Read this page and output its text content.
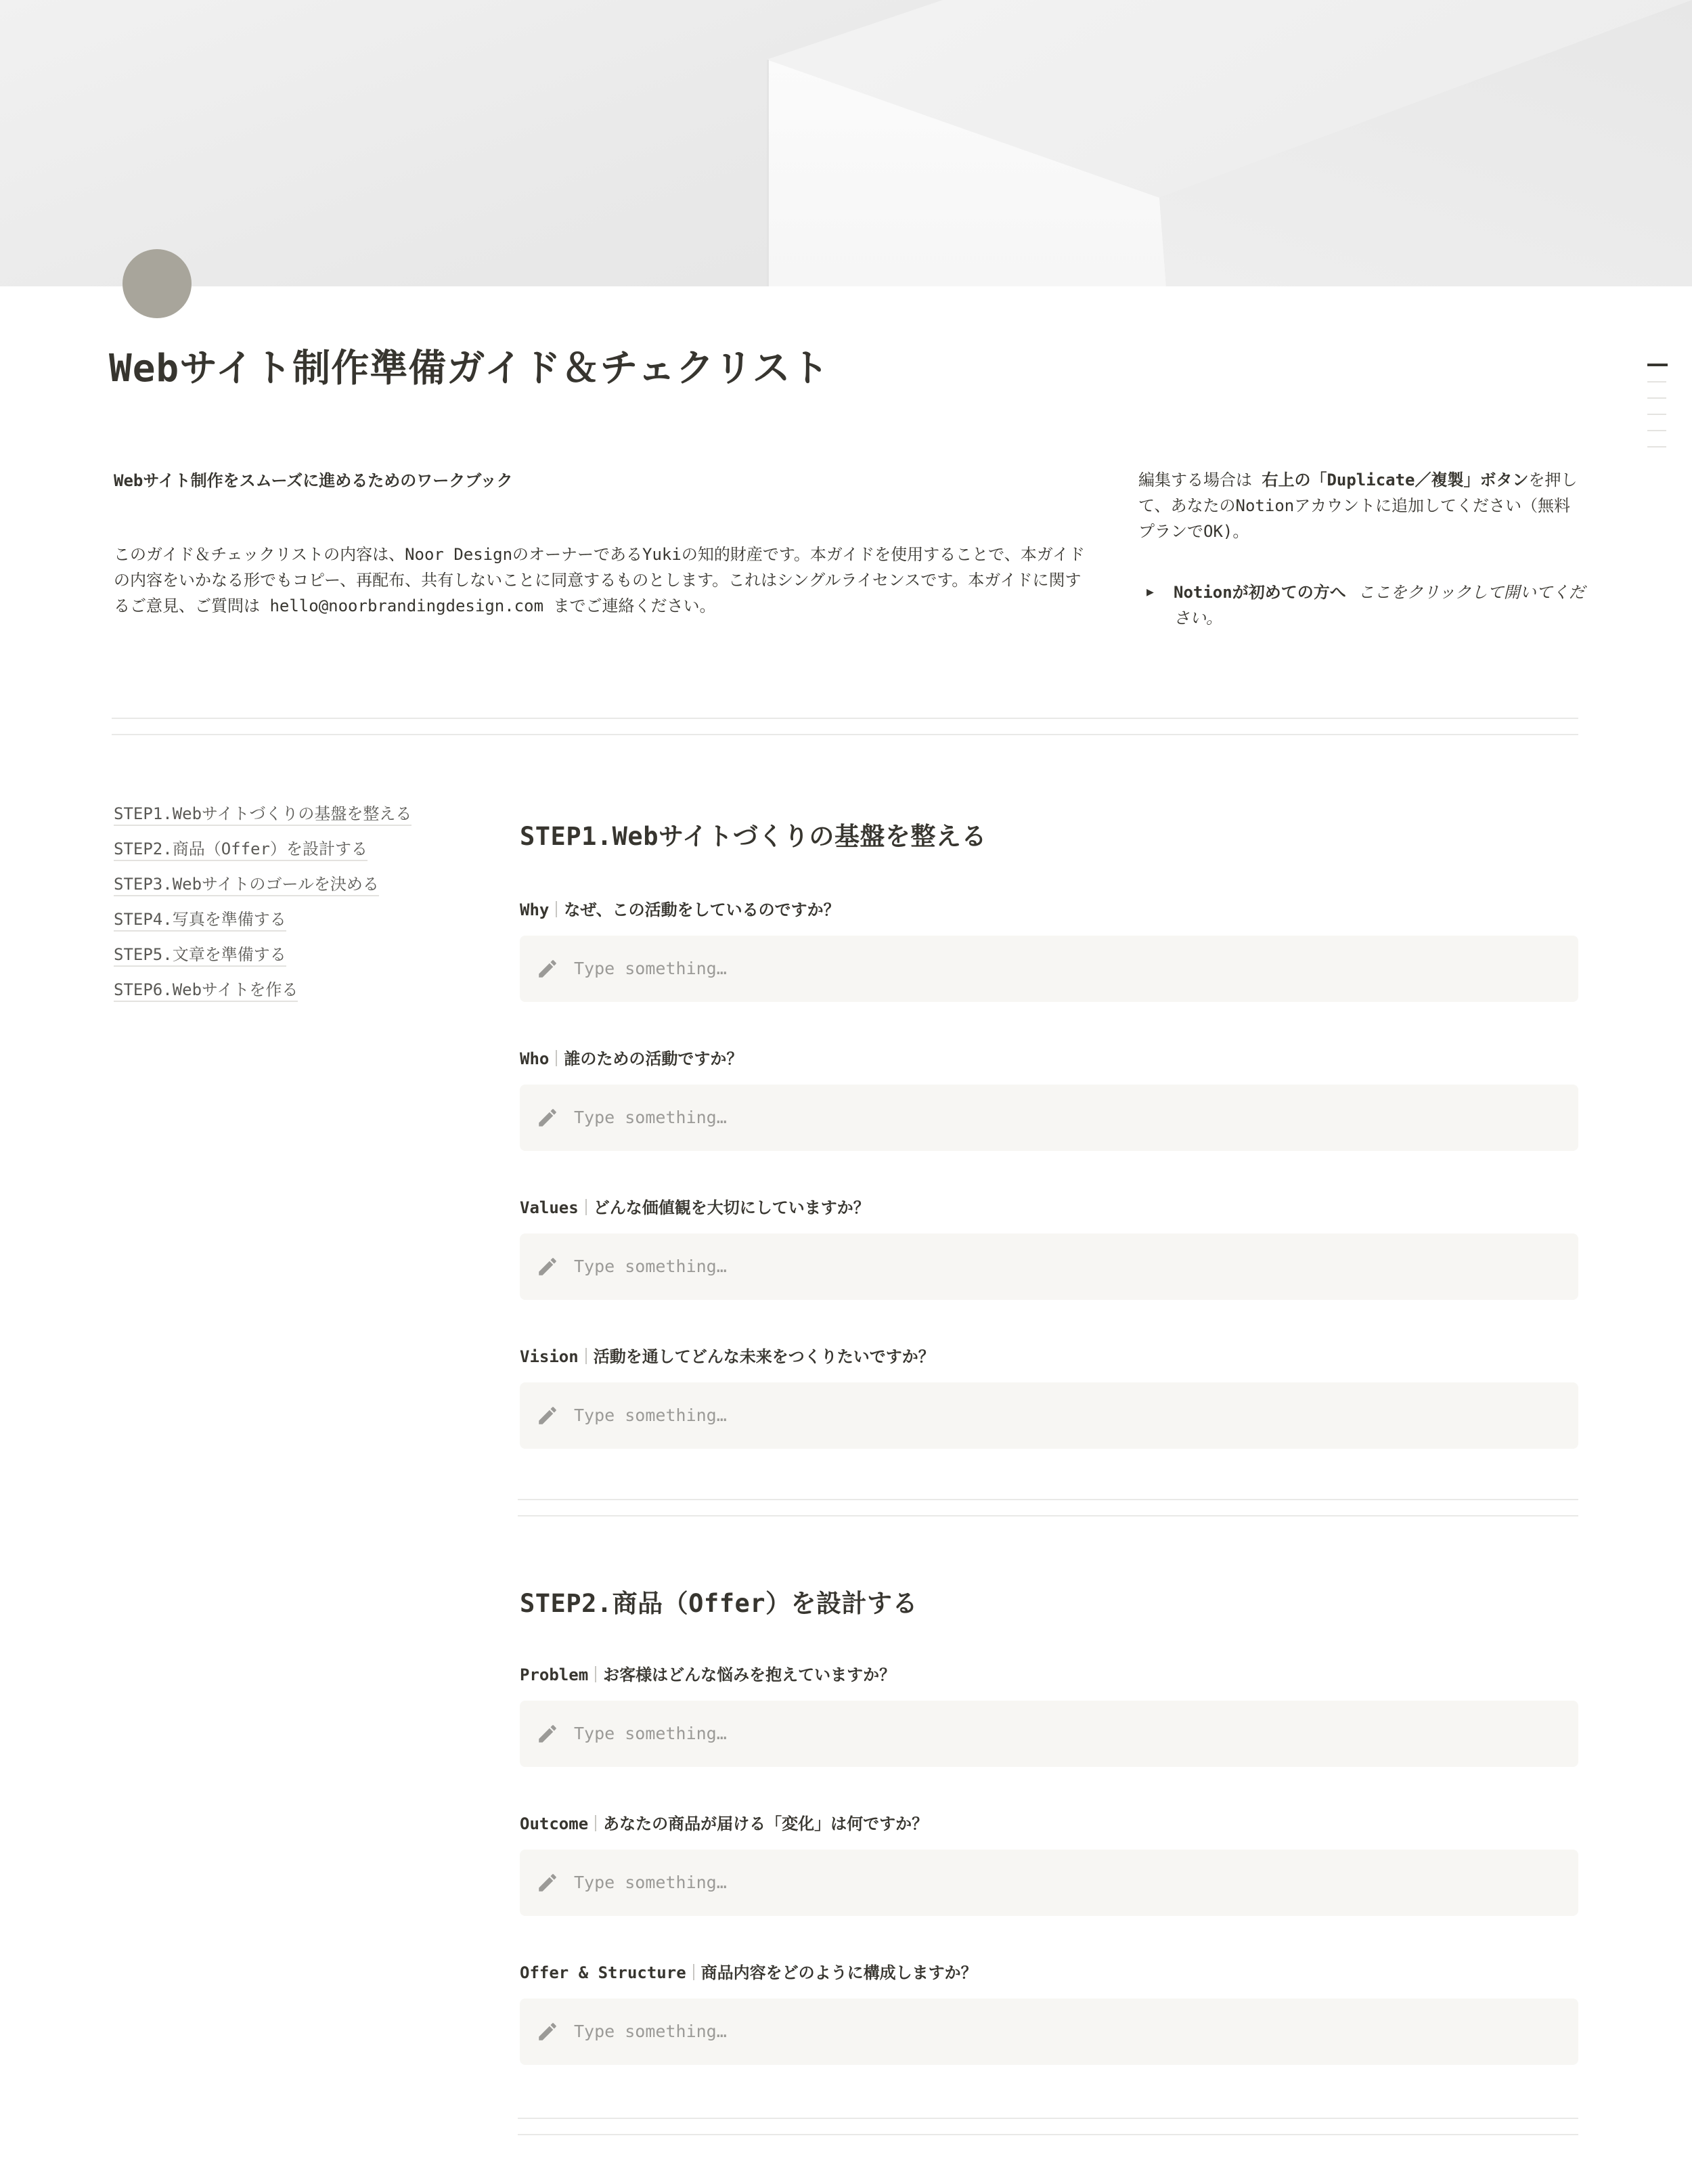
Webサイト制作準備ガイド＆チェクリスト

Webサイト制作をスムーズに進めるためのワークブック

このガイド＆チェックリストの内容は、Noor DesignのオーナーであるYukiの知的財産です。本ガイドを使用することで、本ガイドの内容をいかなる形でもコピー、再配布、共有しないことに同意するものとします。これはシングルライセンスです。本ガイドに関するご意見、ご質問は hello@noorbrandingdesign.com までご連絡ください。

編集する場合は 右上の「Duplicate／複製」ボタンを押して、あなたのNotionアカウントに追加してください（無料プランでOK)。

▶	Notionが初めての方へ ここをクリックして開いてください。
STEP1.Webサイトづくりの基盤を整える
STEP2.商品（Offer）を設計する
STEP3.Webサイトのゴールを決める
STEP4.写真を準備する
STEP5.文章を準備する
STEP6.Webサイトを作る
STEP1.Webサイトづくりの基盤を整える

Why なぜ、この活動をしているのですか？

Type something…

Who 誰のための活動ですか？

Type something…

Values どんな価値観を大切にしていますか？

Type something…

Vision 活動を通してどんな未来をつくりたいですか？

Type something…
STEP2.商品（Offer）を設計する

Problem お客様はどんな悩みを抱えていますか？

Type something…

Outcome あなたの商品が届ける「変化」は何ですか？

Type something…

Offer & Structure 商品内容をどのように構成しますか？

Type something…
